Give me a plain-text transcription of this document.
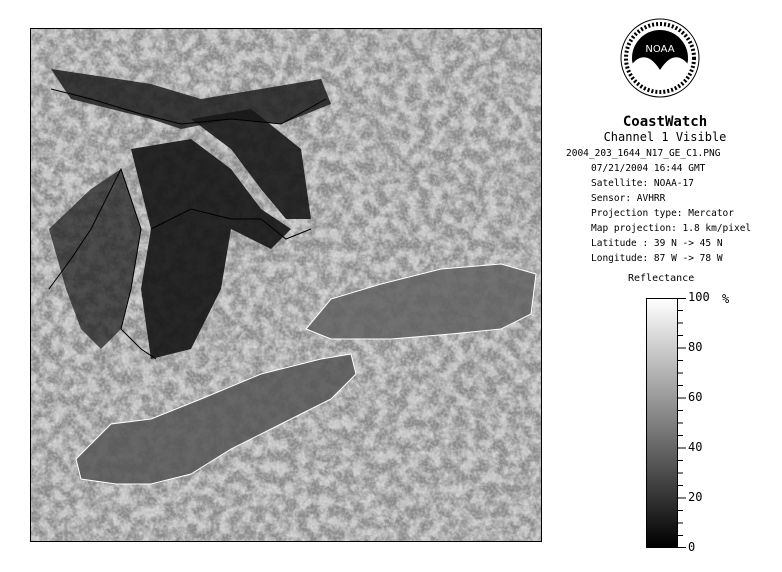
NOAA
CoastWatch
Channel 1 Visible
2004_203_1644_N17_GE_C1.PNG
07/21/2004 16:44 GMT
Satellite: NOAA-17
Sensor: AVHRR
Projection type: Mercator
Map projection: 1.8 km/pixel
Latitude : 39 N -> 45 N
Longitude: 87 W -> 78 W
Reflectance
100
80
60
40
20
0
%
